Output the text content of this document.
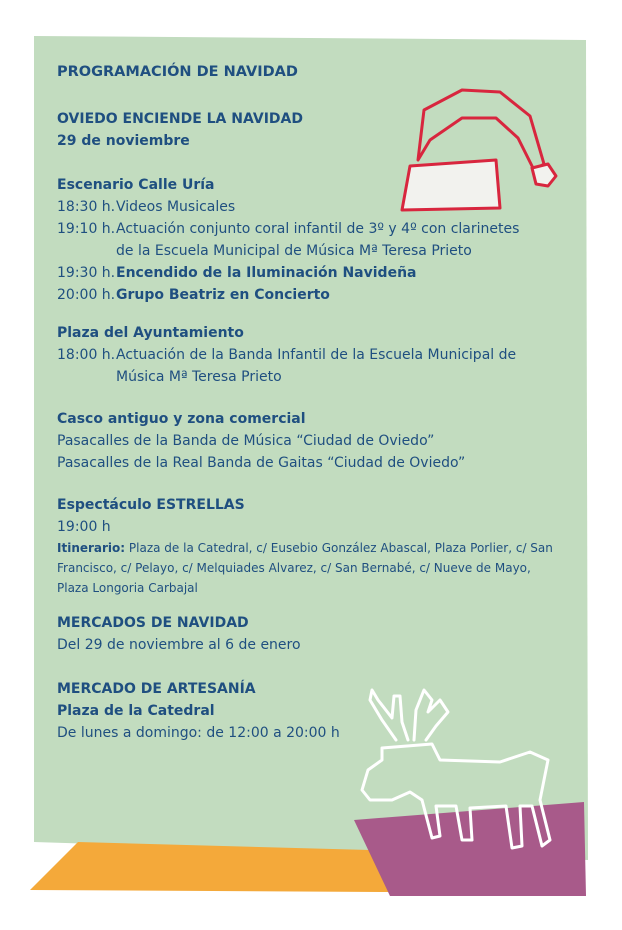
PROGRAMACIÓN DE NAVIDAD

OVIEDO ENCIENDE LA NAVIDAD

29 de noviembre

Escenario Calle Uría

18:30 h. Videos Musicales
19:10 h. Actuación conjunto coral infantil de 3º y 4º con clarinetes

de la Escuela Municipal de Música Mª Teresa Prieto

19:30 h. Encendido de la Iluminación Navideña
20:00 h. Grupo Beatriz en Concierto

Plaza del Ayuntamiento

18:00 h. Actuación de la Banda Infantil de la Escuela Municipal de

Música Mª Teresa Prieto

Casco antiguo y zona comercial

Pasacalles de la Banda de Música “Ciudad de Oviedo”

Pasacalles de la Real Banda de Gaitas “Ciudad de Oviedo”

Espectáculo ESTRELLAS

19:00 h

Itinerario: Plaza de la Catedral, c/ Eusebio González Abascal, Plaza Porlier, c/ San

Francisco, c/ Pelayo, c/ Melquiades Alvarez, c/ San Bernabé, c/ Nueve de Mayo,

Plaza Longoria Carbajal

MERCADOS DE NAVIDAD

Del 29 de noviembre al 6 de enero

MERCADO DE ARTESANÍA

Plaza de la Catedral

De lunes a domingo: de 12:00 a 20:00 h
